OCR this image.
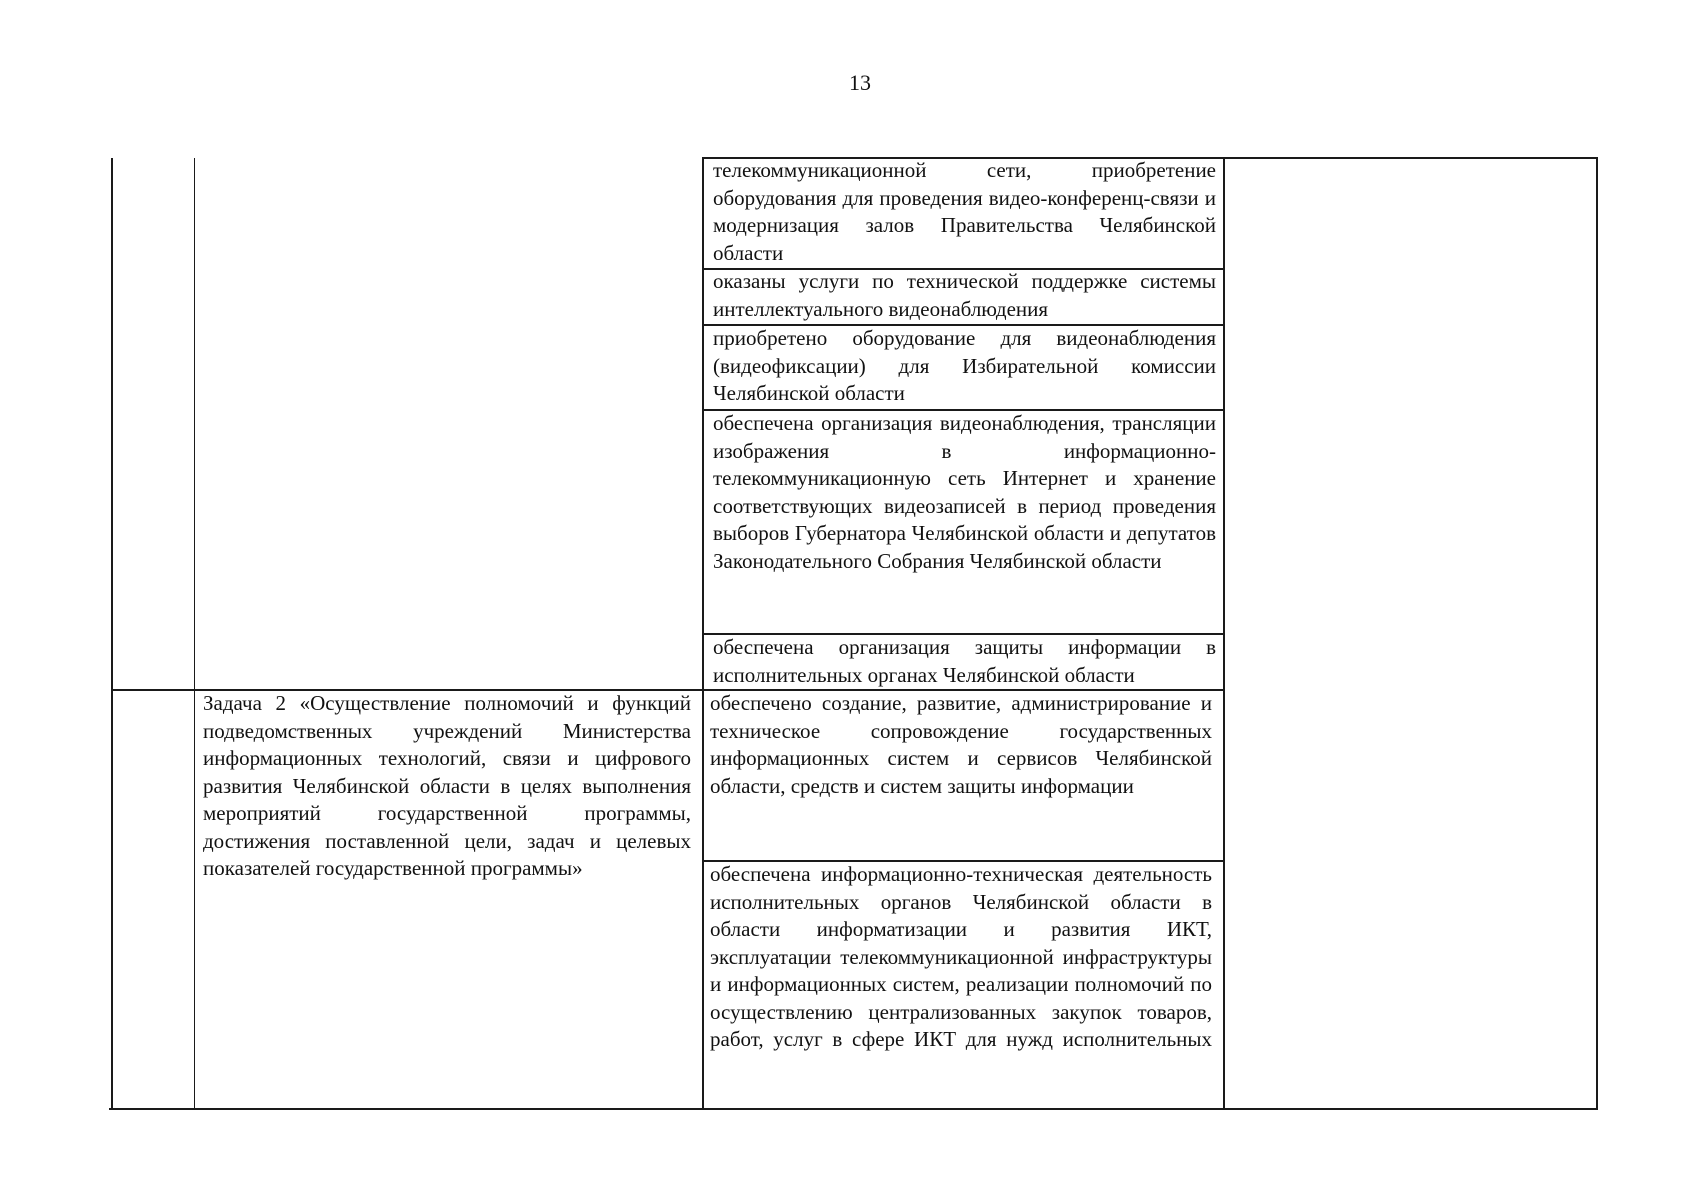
13
телекоммуникационной сети, приобретение оборудования для проведения видео-конференц-связи и модернизация залов Правительства Челябинской области
оказаны услуги по технической поддержке системы интеллектуального видеонаблюдения
приобретено оборудование для видеонаблюдения (видеофиксации) для Избирательной комиссии Челябинской области
обеспечена организация видеонаблюдения, трансляции изображения в информационно-телекоммуникационную сеть Интернет и хранение соответствующих видеозаписей в период проведения выборов Губернатора Челябинской области и депутатов Законодательного Собрания Челябинской области
обеспечена организация защиты информации в исполнительных органах Челябинской области
обеспечено создание, развитие, администрирование и техническое сопровождение государственных информационных систем и сервисов Челябинской области, средств и систем защиты информации
обеспечена информационно-техническая деятельность исполнительных органов Челябинской области в области информатизации и развития ИКТ, эксплуатации телекоммуникационной инфраструктуры и информационных систем, реализации полномочий по осуществлению централизованных закупок товаров, работ, услуг в сфере ИКТ для нужд исполнительных
Задача 2 «Осуществление полномочий и функций подведомственных учреждений Министерства информационных технологий, связи и цифрового развития Челябинской области в целях выполнения мероприятий государственной программы, достижения поставленной цели, задач и целевых показателей государственной программы»
